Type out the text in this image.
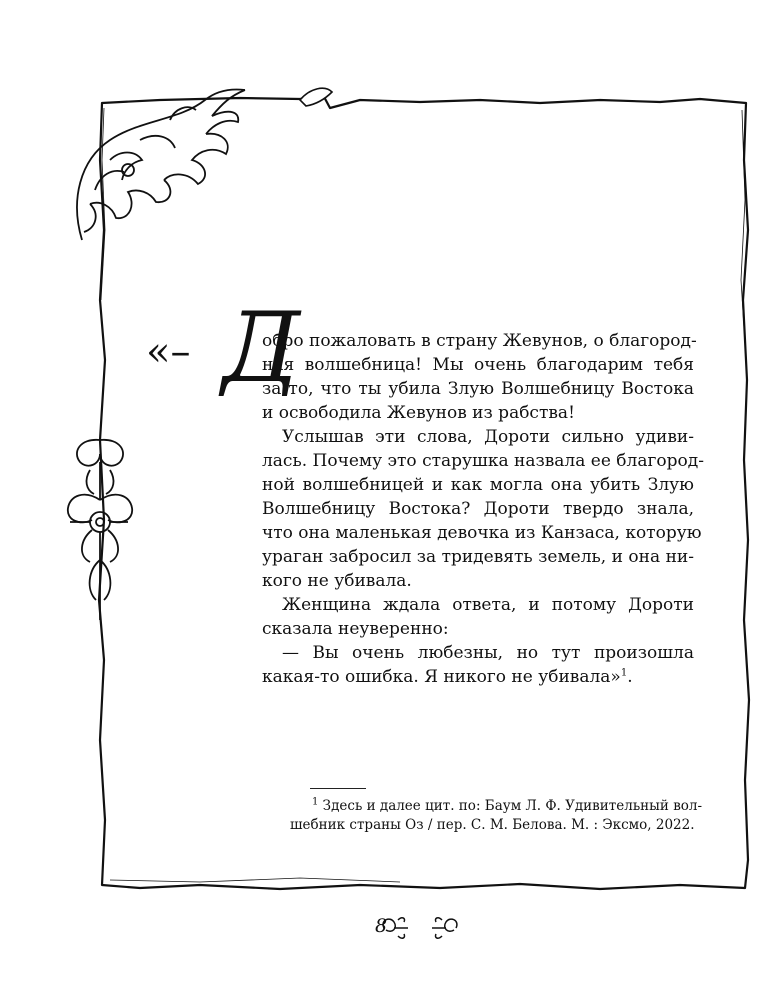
«– Д
обро пожаловать в страну Жевунов, о благород-
ная волшебница! Мы очень благодарим тебя
за то, что ты убила Злую Волшебницу Востока
и освободила Жевунов из рабства!
Услышав эти слова, Дороти сильно удиви-
лась. Почему это старушка назвала ее благород-
ной волшебницей и как могла она убить Злую
Волшебницу Востока? Дороти твердо знала,
что она маленькая девочка из Канзаса, которую
ураган забросил за тридевять земель, и она ни-
кого не убивала.
Женщина ждала ответа, и потому Дороти
сказала неуверенно:
— Вы очень любезны, но тут произошла
какая-то ошибка. Я никого не убивала»$^1$.
$^1$ Здесь и далее цит. по: Баум Л. Ф. Удивительный вол-
шебник страны Оз / пер. С. М. Белова. М. : Эксмо, 2022.
8
